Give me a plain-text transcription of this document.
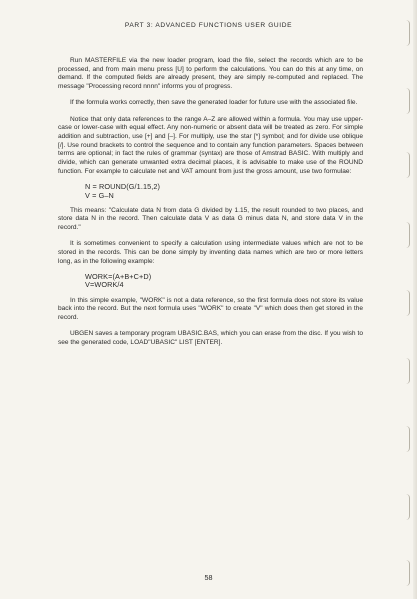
PART 3: ADVANCED FUNCTIONS USER GUIDE

Run MASTERFILE via the new loader program, load the file, select the records which are to be processed, and from main menu press [U] to perform the calculations. You can do this at any time, on demand. If the computed fields are already present, they are simply re-computed and replaced. The message "Processing record nnnn" informs you of progress.

If the formula works correctly, then save the generated loader for future use with the associated file.

Notice that only data references to the range A–Z are allowed within a formula. You may use upper-case or lower-case with equal effect. Any non-numeric or absent data will be treated as zero. For simple addition and subtraction, use [+] and [–]. For multiply, use the star [*] symbol; and for divide use oblique [/]. Use round brackets to control the sequence and to contain any function parameters. Spaces between terms are optional; in fact the rules of grammar (syntax) are those of Amstrad BASIC. With multiply and divide, which can generate unwanted extra decimal places, it is advisable to make use of the ROUND function. For example to calculate net and VAT amount from just the gross amount, use two formulae:

N = ROUND(G/1.15,2)
V = G–N

This means: "Calculate data N from data G divided by 1.15, the result rounded to two places, and store data N in the record. Then calculate data V as data G minus data N, and store data V in the record."

It is sometimes convenient to specify a calculation using intermediate values which are not to be stored in the records. This can be done simply by inventing data names which are two or more letters long, as in the following example:

WORK=(A+B+C+D)
V=WORK/4

In this simple example, "WORK" is not a data reference, so the first formula does not store its value back into the record. But the next formula uses "WORK" to create "V" which does then get stored in the record.

UBGEN saves a temporary program UBASIC.BAS, which you can erase from the disc. If you wish to see the generated code, LOAD"UBASIC" LIST [ENTER].

58
